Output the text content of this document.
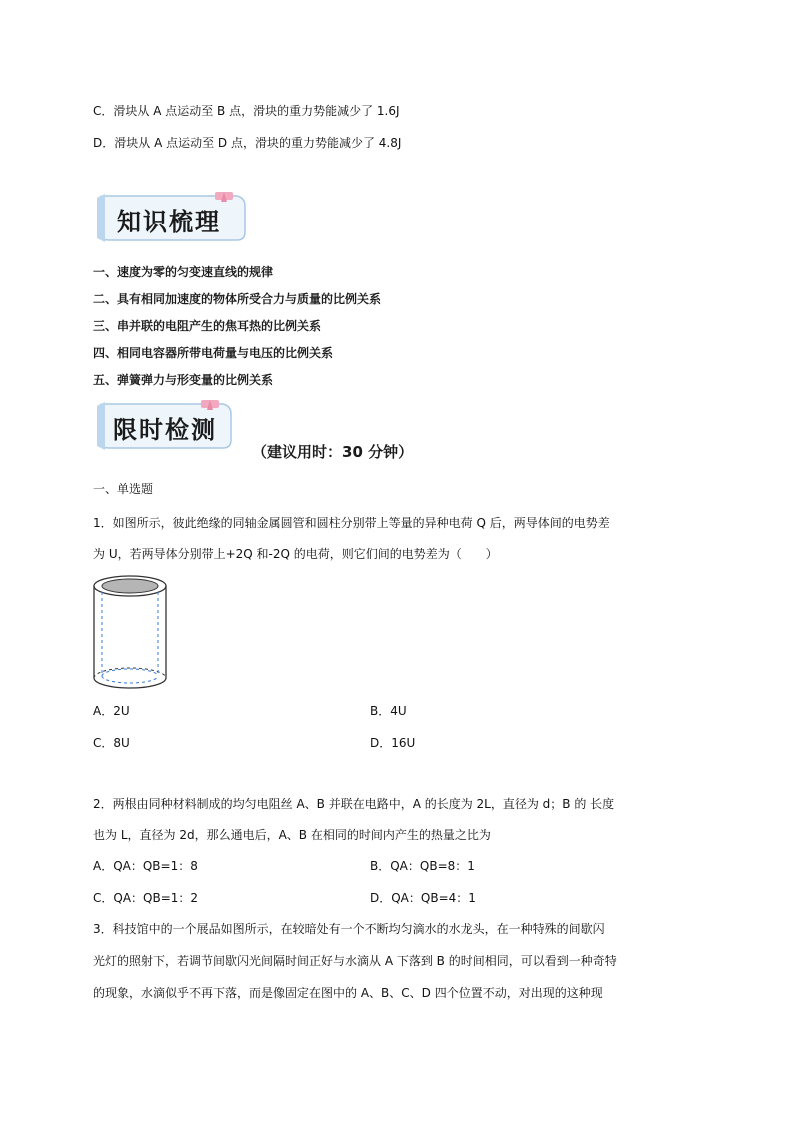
C．滑块从 A 点运动至 B 点，滑块的重力势能减少了 1.6J
D．滑块从 A 点运动至 D 点，滑块的重力势能减少了 4.8J
知识梳理
一、速度为零的匀变速直线的规律
二、具有相同加速度的物体所受合力与质量的比例关系
三、串并联的电阻产生的焦耳热的比例关系
四、相同电容器所带电荷量与电压的比例关系
五、弹簧弹力与形变量的比例关系
限时检测
（建议用时：30 分钟）
一、单选题
1．如图所示，彼此绝缘的同轴金属圆管和圆柱分别带上等量的异种电荷 Q 后，两导体间的电势差
为 U，若两导体分别带上+2Q 和-2Q 的电荷，则它们间的电势差为（　　）
A．2U	B．4U
C．8U	D．16U
2．两根由同种材料制成的均匀电阻丝 A、B 并联在电路中，A 的长度为 2L，直径为 d；B 的 长度
也为 L，直径为 2d，那么通电后，A、B 在相同的时间内产生的热量之比为
A．QA：QB=1：8	B．QA：QB=8：1
C．QA：QB=1：2	D．QA：QB=4：1
3．科技馆中的一个展品如图所示，在较暗处有一个不断均匀滴水的水龙头，在一种特殊的间歇闪
光灯的照射下，若调节间歇闪光间隔时间正好与水滴从 A 下落到 B 的时间相同，可以看到一种奇特
的现象，水滴似乎不再下落，而是像固定在图中的 A、B、C、D 四个位置不动，对出现的这种现
